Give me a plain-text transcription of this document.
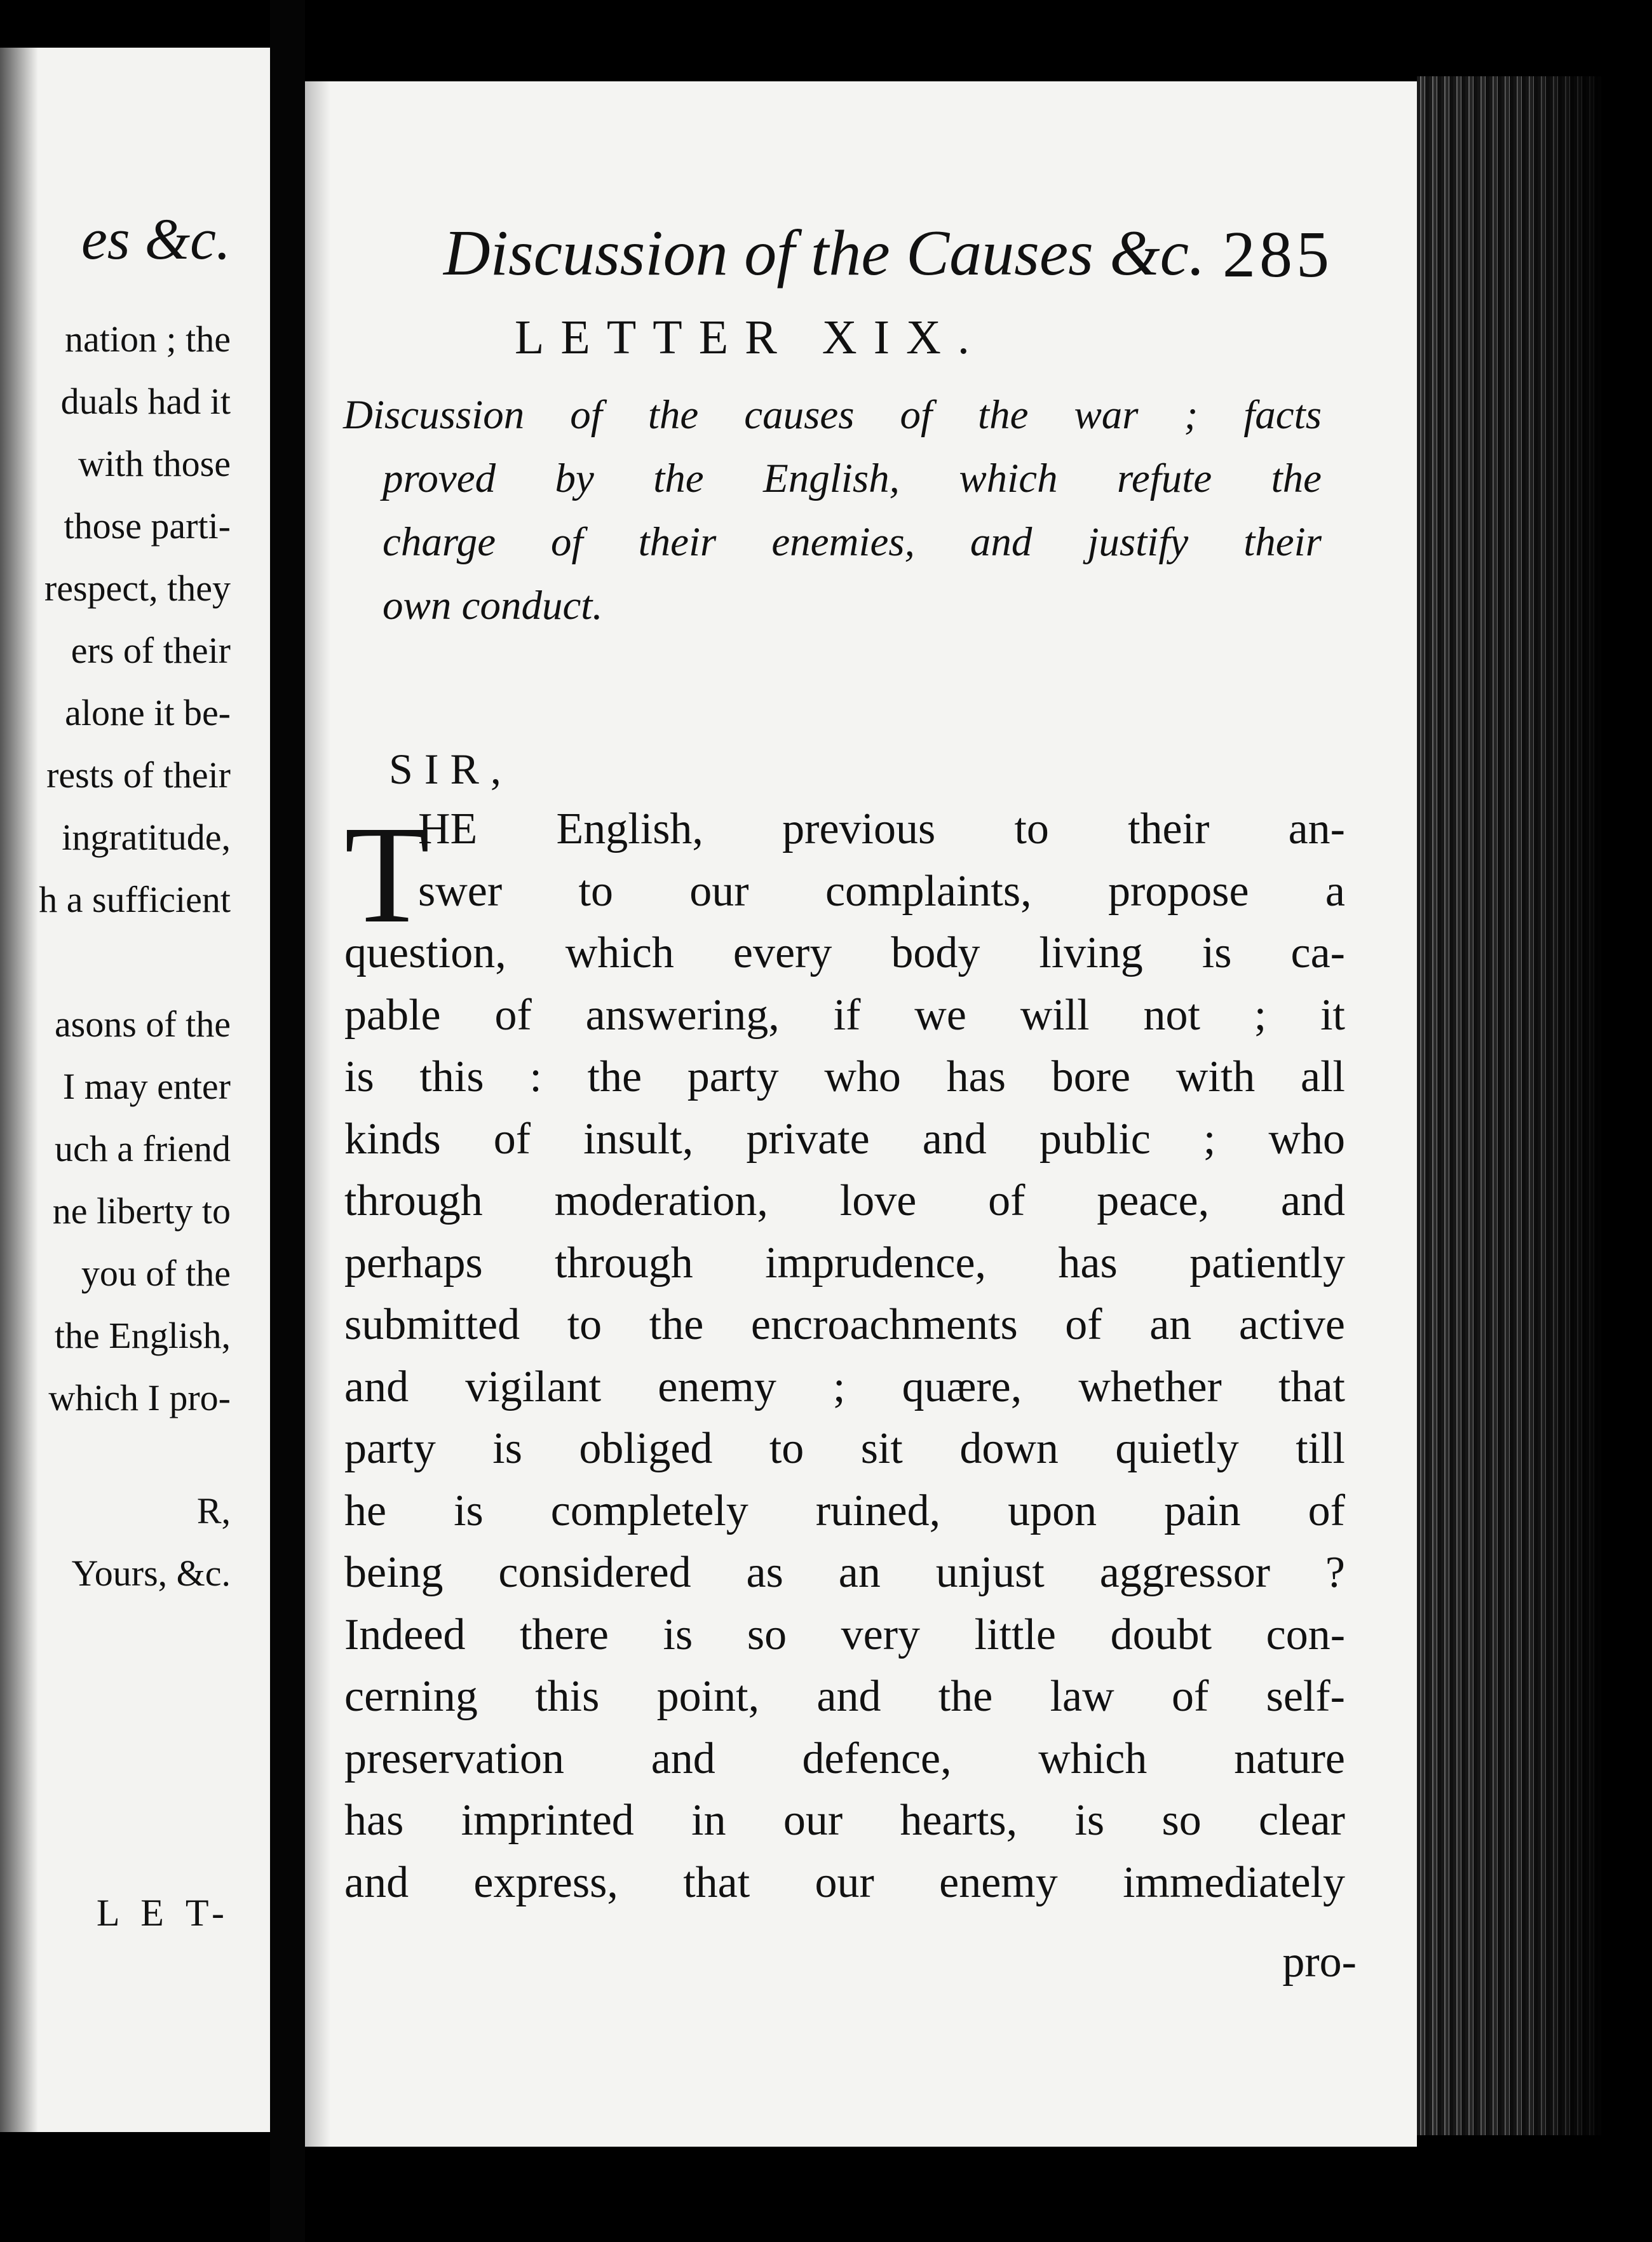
es &c.
nation ; the
duals had it
with those
those parti-
respect, they
ers of their
alone it be-
rests of their
ingratitude,
h a sufficient
asons of the
I may enter
uch a friend
ne liberty to
you of the
the English,
which I pro-
R,
Yours, &c.
L E T-
Discussion of the Causes &c. 285
LETTER XIX.
Discussion of the causes of the war ; facts
proved by the English, which refute the
charge of their enemies, and justify their
own conduct.
SIR,
T
HE English, previous to their an-
swer to our complaints, propose a
question, which every body living is ca-
pable of answering, if we will not ; it
is this : the party who has bore with all
kinds of insult, private and public ; who
through moderation, love of peace, and
perhaps through imprudence, has patiently
submitted to the encroachments of an active
and vigilant enemy ; quære, whether that
party is obliged to sit down quietly till
he is completely ruined, upon pain of
being considered as an unjust aggressor ?
Indeed there is so very little doubt con-
cerning this point, and the law of self-
preservation and defence, which nature
has imprinted in our hearts, is so clear
and express, that our enemy immediately
pro-
